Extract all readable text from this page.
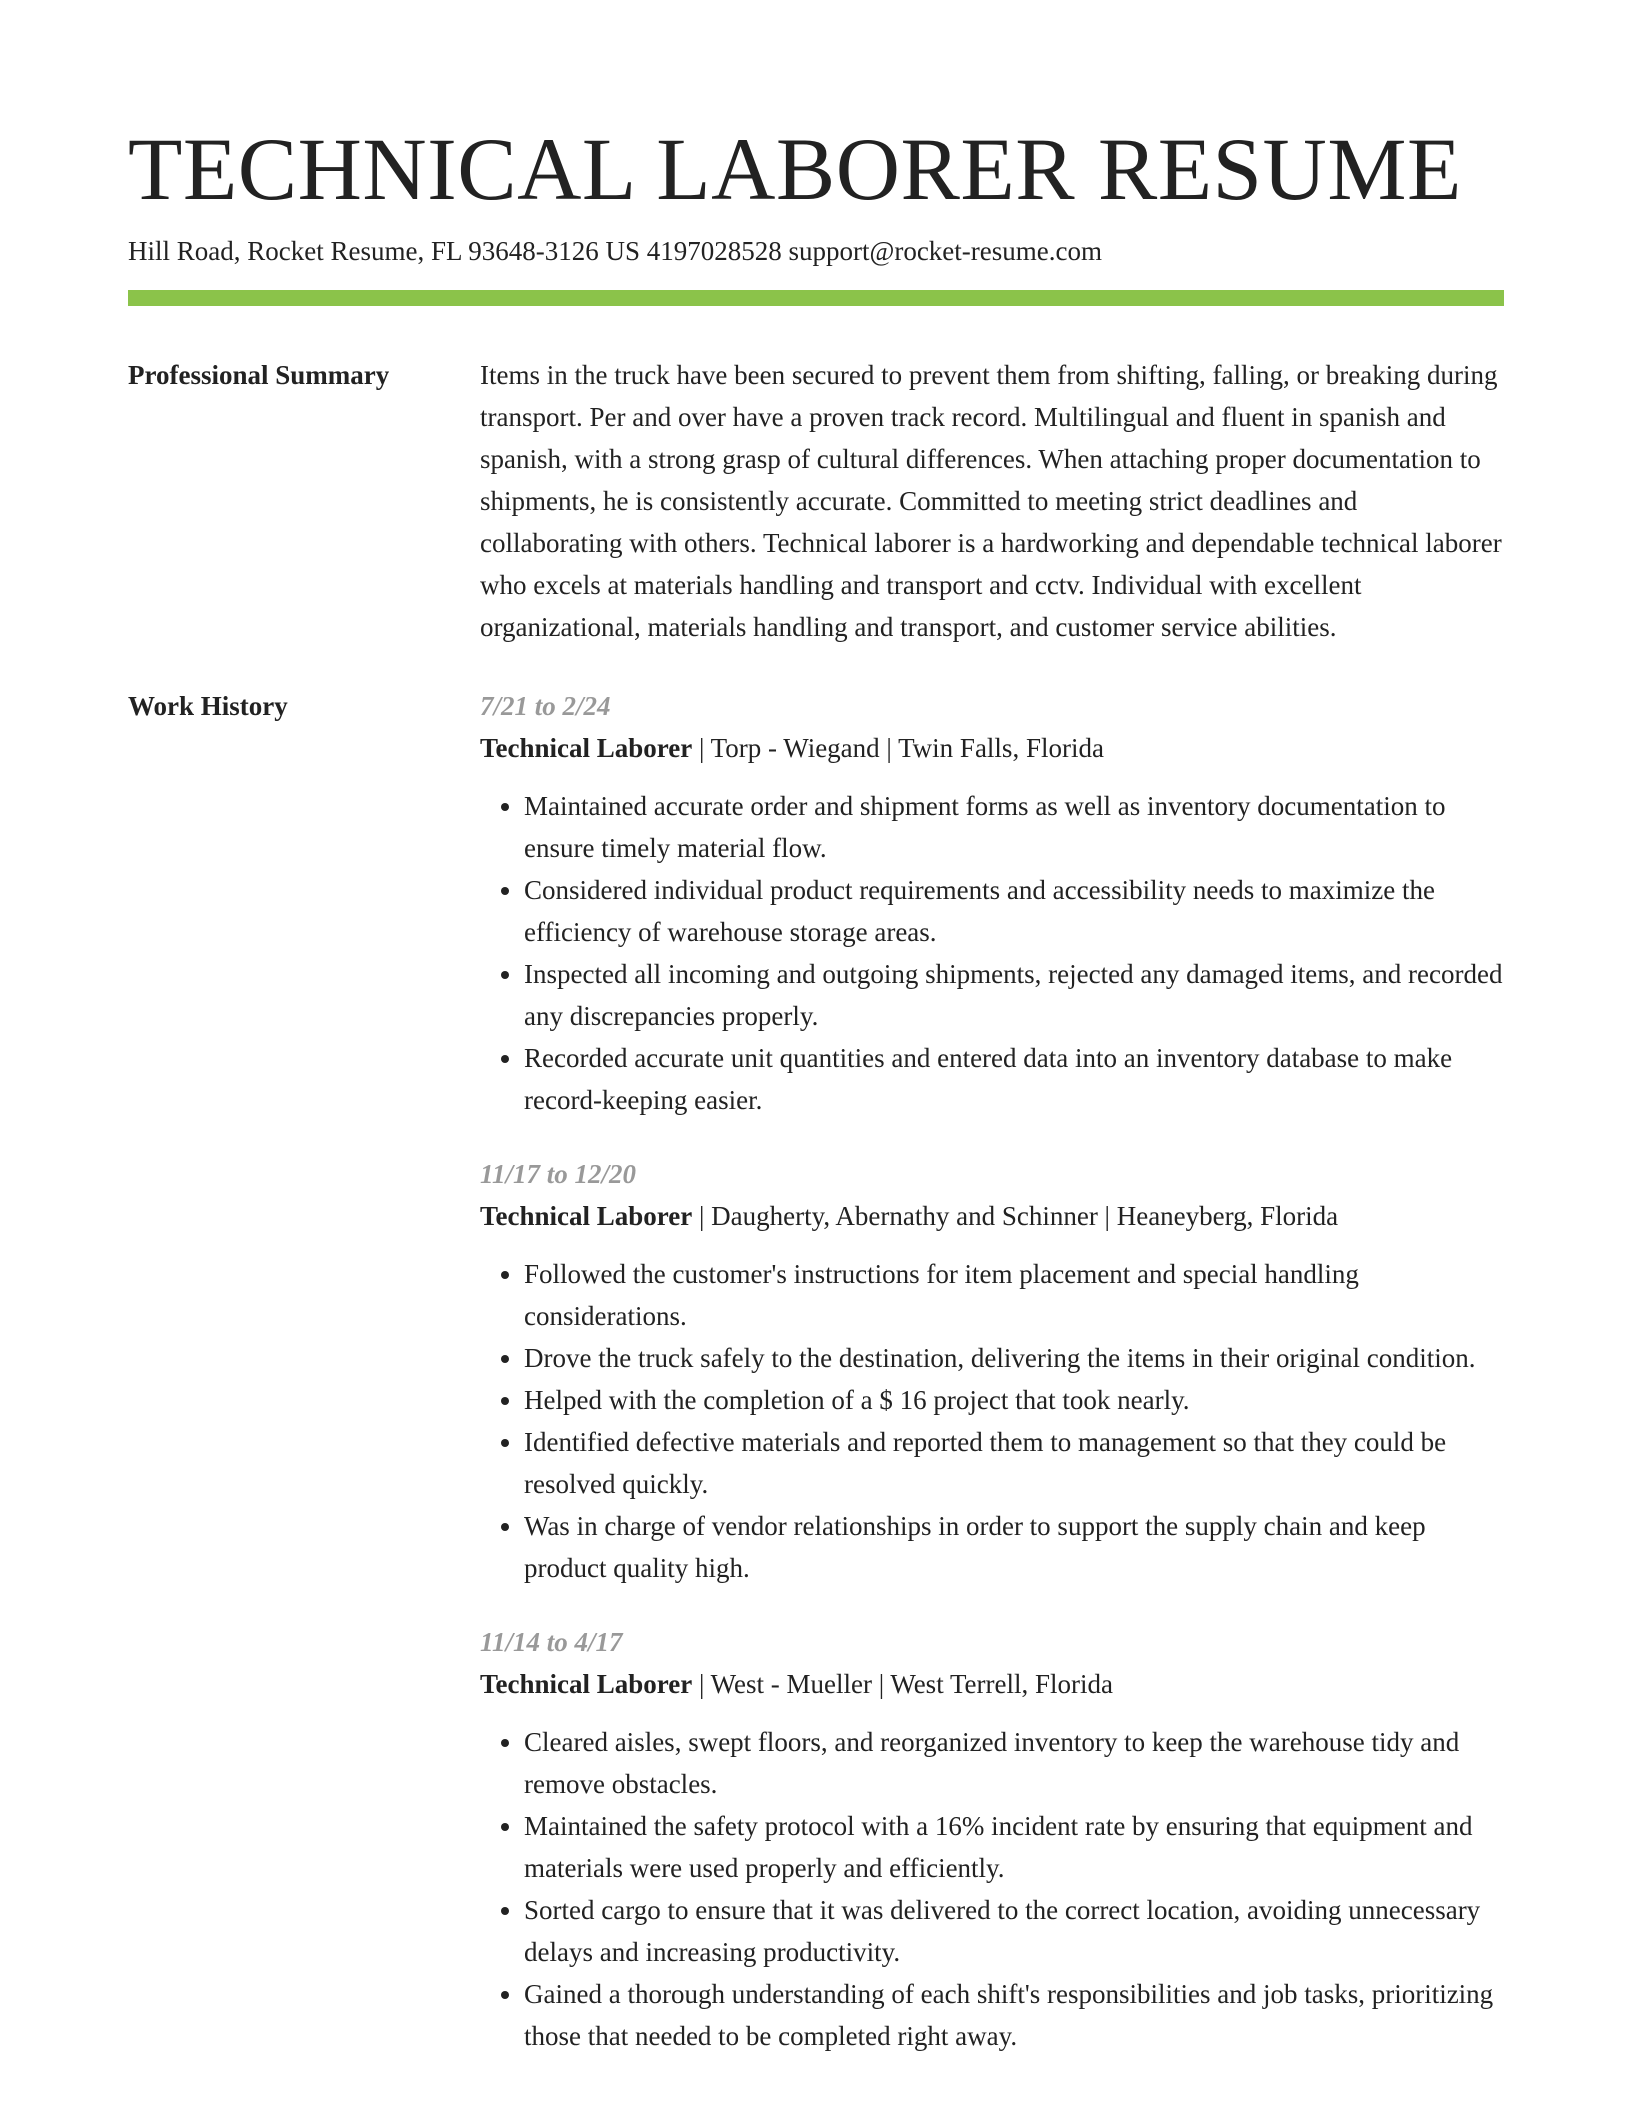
TECHNICAL LABORER RESUME
Hill Road, Rocket Resume, FL 93648-3126 US 4197028528 support@rocket-resume.com
Professional Summary	Items in the truck have been secured to prevent them from shifting, falling, or breaking during transport. Per and over have a proven track record. Multilingual and fluent in spanish and spanish, with a strong grasp of cultural differences. When attaching proper documentation to shipments, he is consistently accurate. Committed to meeting strict deadlines and collaborating with others. Technical laborer is a hardworking and dependable technical laborer who excels at materials handling and transport and cctv. Individual with excellent organizational, materials handling and transport, and customer service abilities.

Work History	7/21 to 2/24
Technical Laborer | Torp - Wiegand | Twin Falls, Florida
• Maintained accurate order and shipment forms as well as inventory documentation to ensure timely material flow.
• Considered individual product requirements and accessibility needs to maximize the efficiency of warehouse storage areas.
• Inspected all incoming and outgoing shipments, rejected any damaged items, and recorded any discrepancies properly.
• Recorded accurate unit quantities and entered data into an inventory database to make record-keeping easier.
11/17 to 12/20
Technical Laborer | Daugherty, Abernathy and Schinner | Heaneyberg, Florida
• Followed the customer's instructions for item placement and special handling considerations.
• Drove the truck safely to the destination, delivering the items in their original condition.
• Helped with the completion of a $ 16 project that took nearly.
• Identified defective materials and reported them to management so that they could be resolved quickly.
• Was in charge of vendor relationships in order to support the supply chain and keep product quality high.
11/14 to 4/17
Technical Laborer | West - Mueller | West Terrell, Florida
• Cleared aisles, swept floors, and reorganized inventory to keep the warehouse tidy and remove obstacles.
• Maintained the safety protocol with a 16% incident rate by ensuring that equipment and materials were used properly and efficiently.
• Sorted cargo to ensure that it was delivered to the correct location, avoiding unnecessary delays and increasing productivity.
• Gained a thorough understanding of each shift's responsibilities and job tasks, prioritizing those that needed to be completed right away.
